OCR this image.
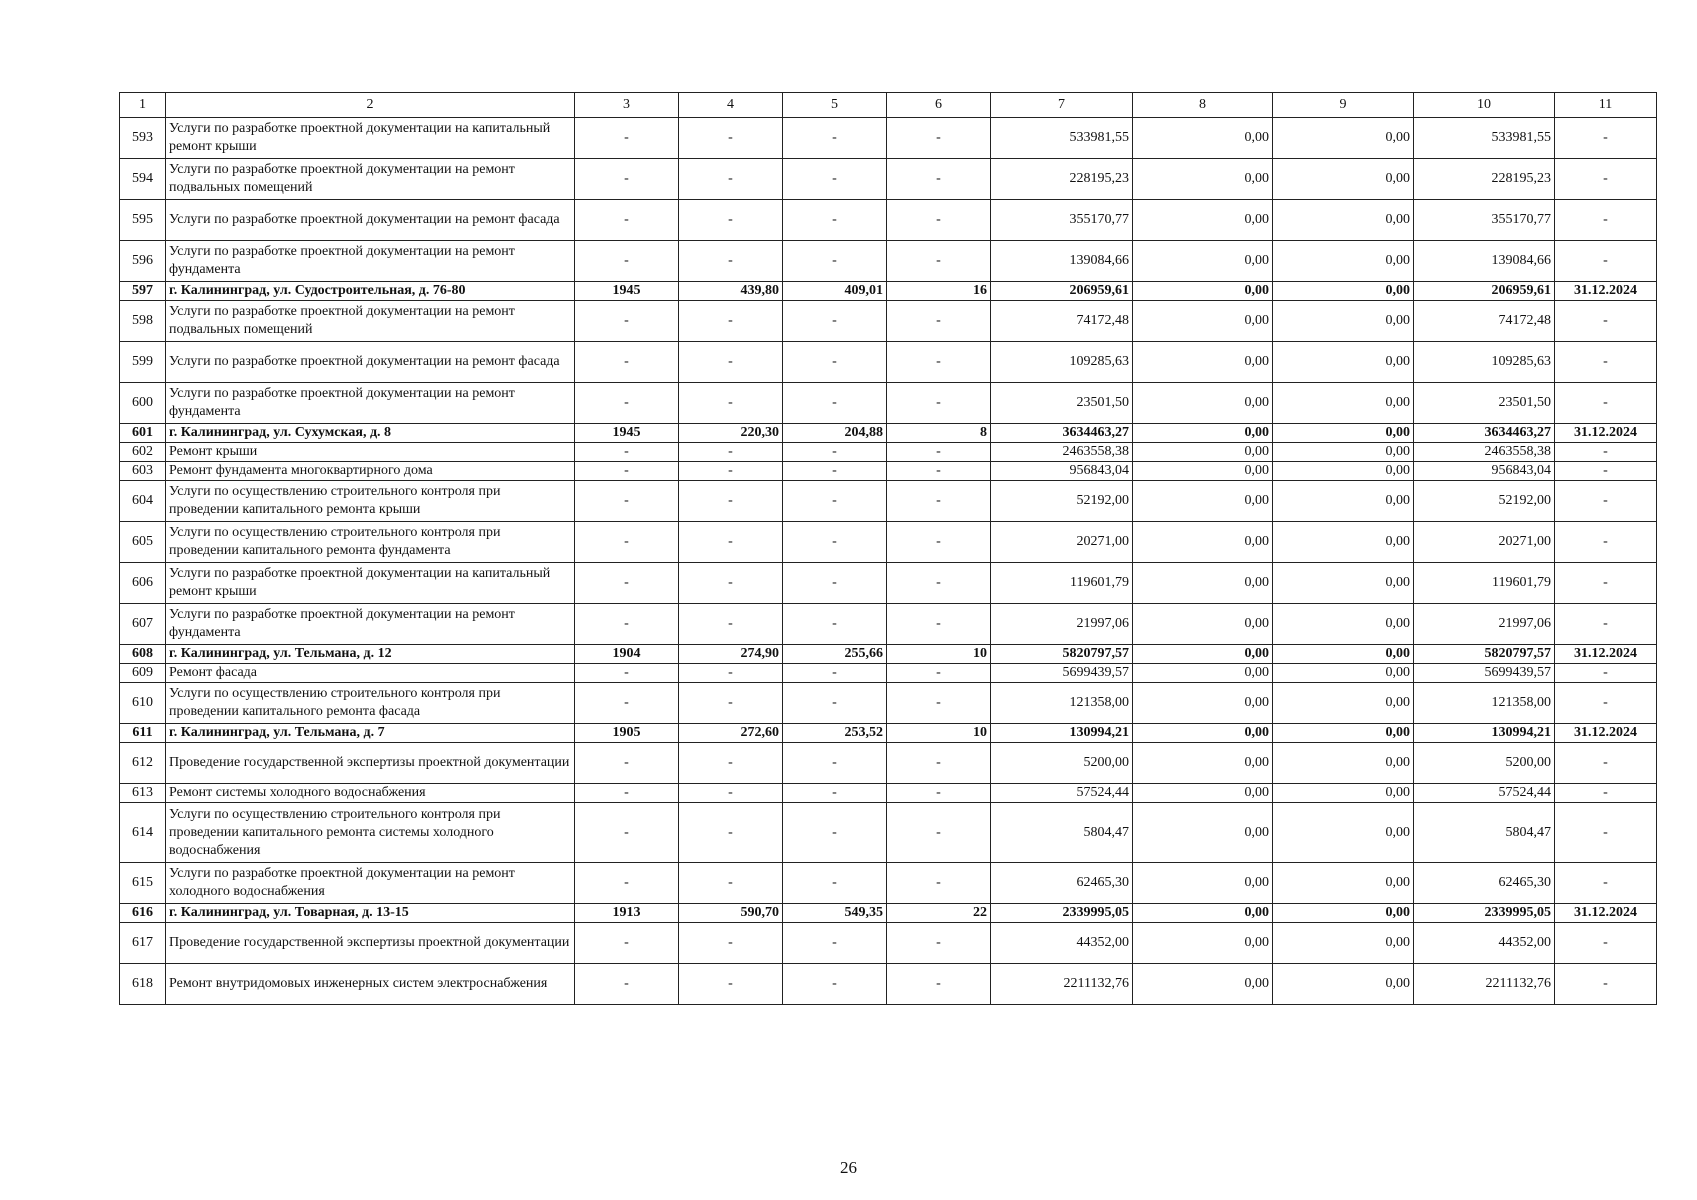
1	2	3	4	5	6	7	8	9	10	11
593	Услуги по разработке проектной документации на капитальный ремонт крыши	-	-	-	-	533981,55	0,00	0,00	533981,55	-
594	Услуги по разработке проектной документации на ремонт подвальных помещений	-	-	-	-	228195,23	0,00	0,00	228195,23	-
595	Услуги по разработке проектной документации на ремонт фасада	-	-	-	-	355170,77	0,00	0,00	355170,77	-
596	Услуги по разработке проектной документации на ремонт фундамента	-	-	-	-	139084,66	0,00	0,00	139084,66	-
597	г. Калининград, ул. Судостроительная, д. 76-80	1945	439,80	409,01	16	206959,61	0,00	0,00	206959,61	31.12.2024
598	Услуги по разработке проектной документации на ремонт подвальных помещений	-	-	-	-	74172,48	0,00	0,00	74172,48	-
599	Услуги по разработке проектной документации на ремонт фасада	-	-	-	-	109285,63	0,00	0,00	109285,63	-
600	Услуги по разработке проектной документации на ремонт фундамента	-	-	-	-	23501,50	0,00	0,00	23501,50	-
601	г. Калининград, ул. Сухумская, д. 8	1945	220,30	204,88	8	3634463,27	0,00	0,00	3634463,27	31.12.2024
602	Ремонт крыши	-	-	-	-	2463558,38	0,00	0,00	2463558,38	-
603	Ремонт фундамента многоквартирного дома	-	-	-	-	956843,04	0,00	0,00	956843,04	-
604	Услуги по осуществлению строительного контроля при проведении капитального ремонта крыши	-	-	-	-	52192,00	0,00	0,00	52192,00	-
605	Услуги по осуществлению строительного контроля при проведении капитального ремонта фундамента	-	-	-	-	20271,00	0,00	0,00	20271,00	-
606	Услуги по разработке проектной документации на капитальный ремонт крыши	-	-	-	-	119601,79	0,00	0,00	119601,79	-
607	Услуги по разработке проектной документации на ремонт фундамента	-	-	-	-	21997,06	0,00	0,00	21997,06	-
608	г. Калининград, ул. Тельмана, д. 12	1904	274,90	255,66	10	5820797,57	0,00	0,00	5820797,57	31.12.2024
609	Ремонт фасада	-	-	-	-	5699439,57	0,00	0,00	5699439,57	-
610	Услуги по осуществлению строительного контроля при проведении капитального ремонта фасада	-	-	-	-	121358,00	0,00	0,00	121358,00	-
611	г. Калининград, ул. Тельмана, д. 7	1905	272,60	253,52	10	130994,21	0,00	0,00	130994,21	31.12.2024
612	Проведение государственной экспертизы проектной документации	-	-	-	-	5200,00	0,00	0,00	5200,00	-
613	Ремонт системы холодного водоснабжения	-	-	-	-	57524,44	0,00	0,00	57524,44	-
614	Услуги по осуществлению строительного контроля при проведении капитального ремонта системы холодного водоснабжения	-	-	-	-	5804,47	0,00	0,00	5804,47	-
615	Услуги по разработке проектной документации на ремонт холодного водоснабжения	-	-	-	-	62465,30	0,00	0,00	62465,30	-
616	г. Калининград, ул. Товарная, д. 13-15	1913	590,70	549,35	22	2339995,05	0,00	0,00	2339995,05	31.12.2024
617	Проведение государственной экспертизы проектной документации	-	-	-	-	44352,00	0,00	0,00	44352,00	-
618	Ремонт внутридомовых инженерных систем электроснабжения	-	-	-	-	2211132,76	0,00	0,00	2211132,76	-
26
